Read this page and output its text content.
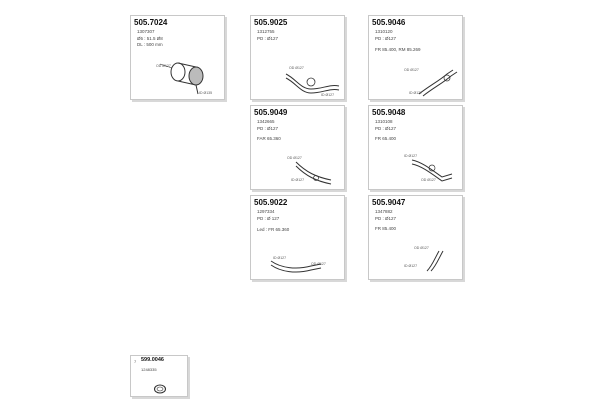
505.7024
1307307
Ø5 : 51.5 Ø8
DL : 500 mm
OD Ø127
ID Ø135
505.9025
1312755
PD : Ø127
OD Ø127
ID Ø127
505.9046
1310120
PD : Ø127
FR 85.400, RM 85.269
OD Ø127
ID Ø127
505.9049
1342665
PD : Ø127
FAR 65.360
OD Ø127
ID Ø127
505.9048
1310108
PD : Ø127
FR 65.400
ID Ø127
OD Ø127
505.9022
1297334
PD : Ø 127
Led : FR 65.360
ID Ø127
OD Ø127
505.9047
1347882
PD : Ø127
FR 85.400
OD Ø127
ID Ø127
7 599.0046
1248335
